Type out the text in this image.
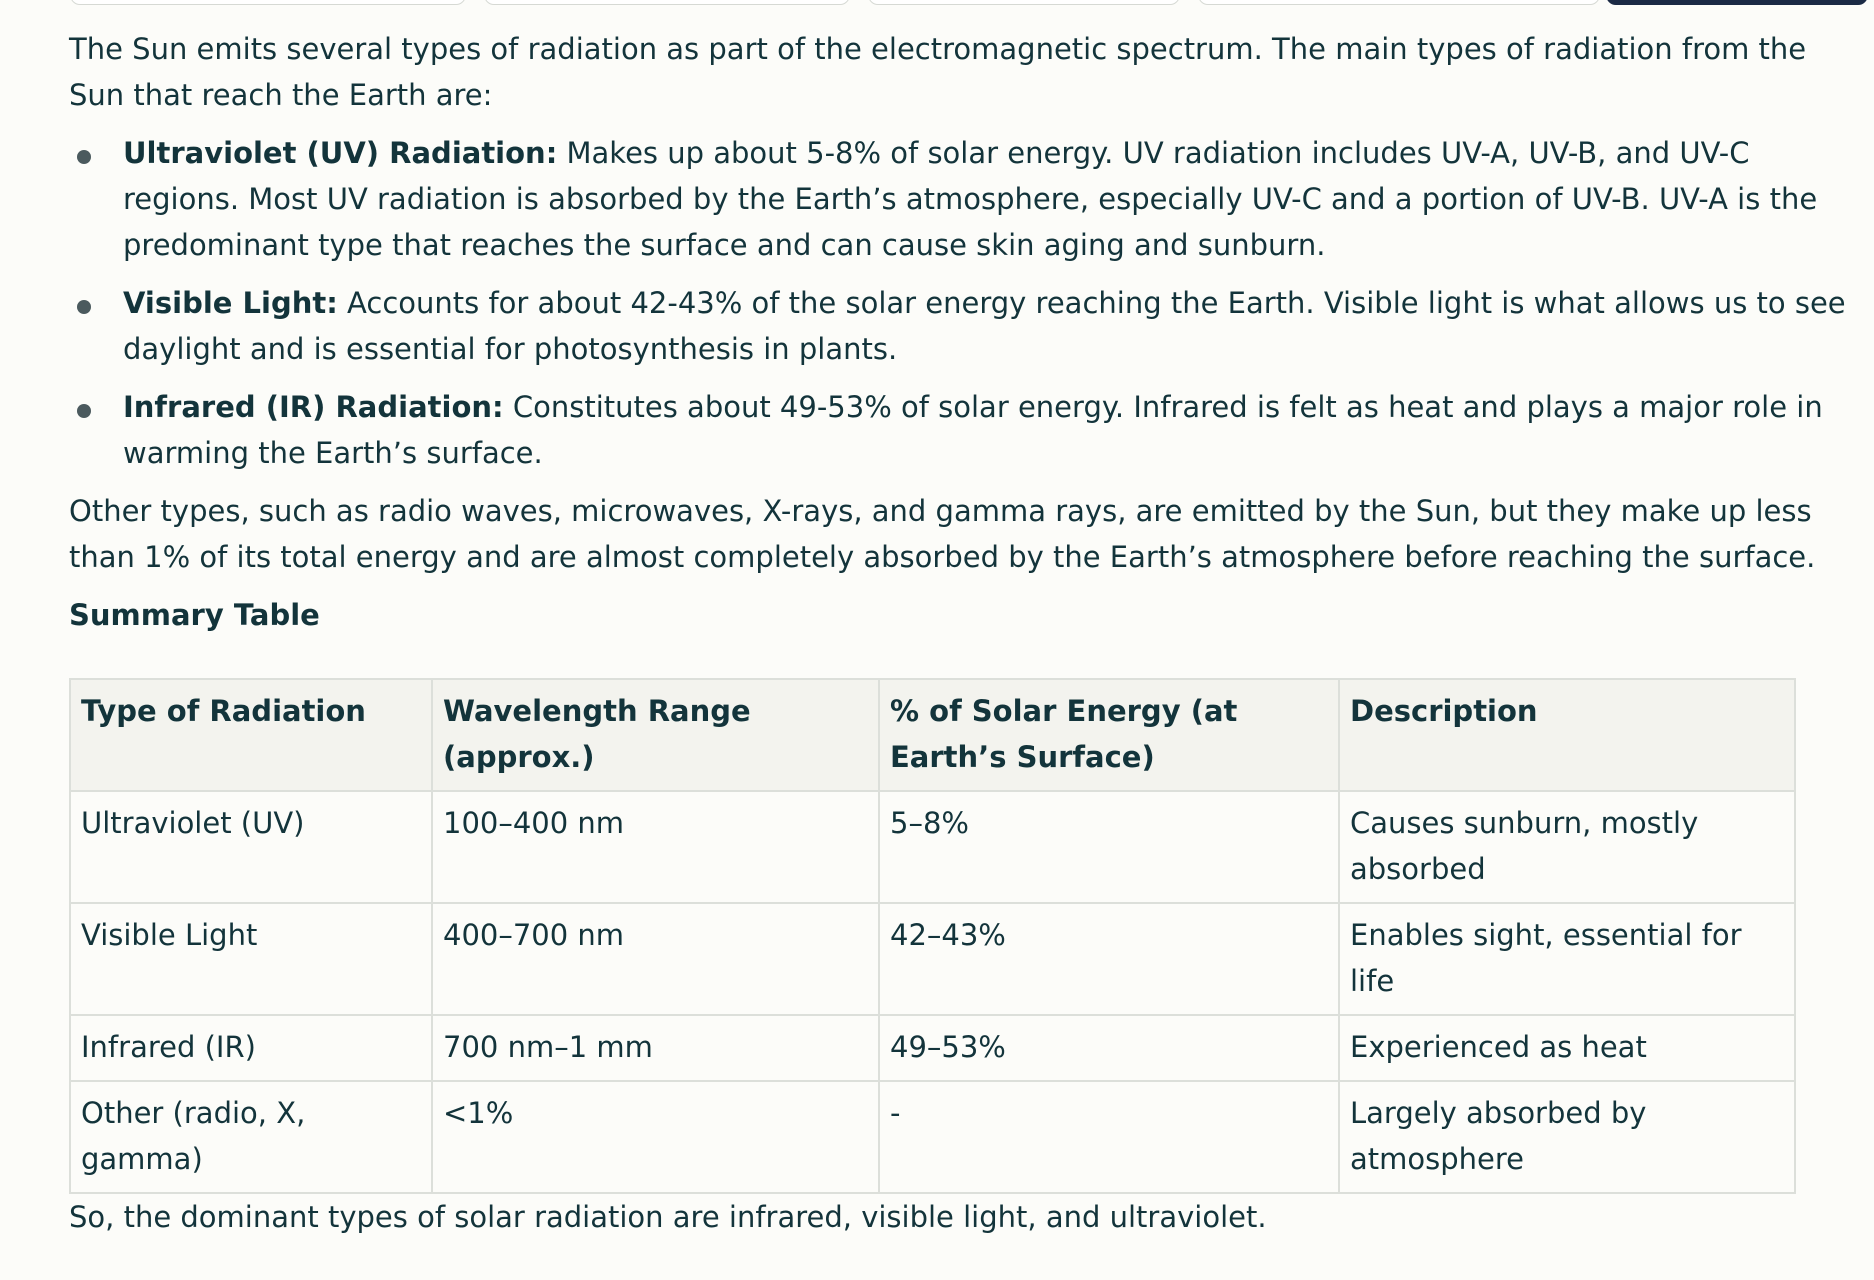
The Sun emits several types of radiation as part of the electromagnetic spectrum. The main types of radiation from the Sun that reach the Earth are:

Ultraviolet (UV) Radiation: Makes up about 5-8% of solar energy. UV radiation includes UV-A, UV-B, and UV-C regions. Most UV radiation is absorbed by the Earth’s atmosphere, especially UV-C and a portion of UV-B. UV-A is the predominant type that reaches the surface and can cause skin aging and sunburn.
Visible Light: Accounts for about 42-43% of the solar energy reaching the Earth. Visible light is what allows us to see daylight and is essential for photosynthesis in plants.
Infrared (IR) Radiation: Constitutes about 49-53% of solar energy. Infrared is felt as heat and plays a major role in warming the Earth’s surface.

Other types, such as radio waves, microwaves, X-rays, and gamma rays, are emitted by the Sun, but they make up less than 1% of its total energy and are almost completely absorbed by the Earth’s atmosphere before reaching the surface.

Summary Table

Type of Radiation	Wavelength Range (approx.)	% of Solar Energy (at Earth’s Surface)	Description
Ultraviolet (UV)	100–400 nm	5–8%	Causes sunburn, mostly absorbed
Visible Light	400–700 nm	42–43%	Enables sight, essential for life
Infrared (IR)	700 nm–1 mm	49–53%	Experienced as heat
Other (radio, X, gamma)	<1%	-	Largely absorbed by atmosphere

So, the dominant types of solar radiation are infrared, visible light, and ultraviolet.
